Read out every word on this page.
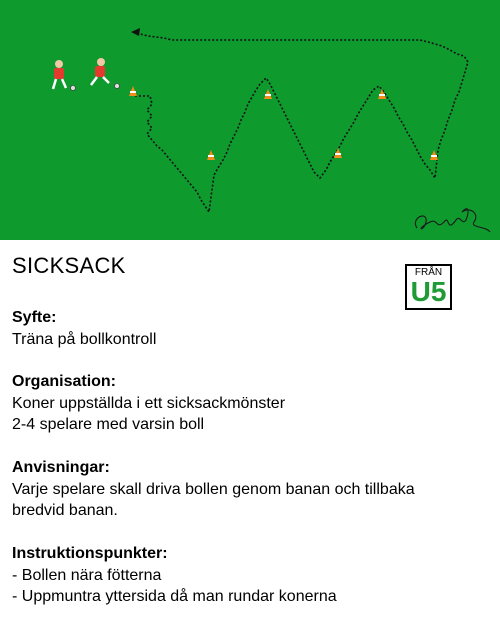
SICKSACK	FRÅN
U5
Syfte:
Träna på bollkontroll
Organisation:
Koner uppställda i ett sicksackmönster
2-4 spelare med varsin boll
Anvisningar:
Varje spelare skall driva bollen genom banan och tillbaka
bredvid banan.
Instruktionspunkter:
- Bollen nära fötterna
- Uppmuntra yttersida då man rundar konerna
